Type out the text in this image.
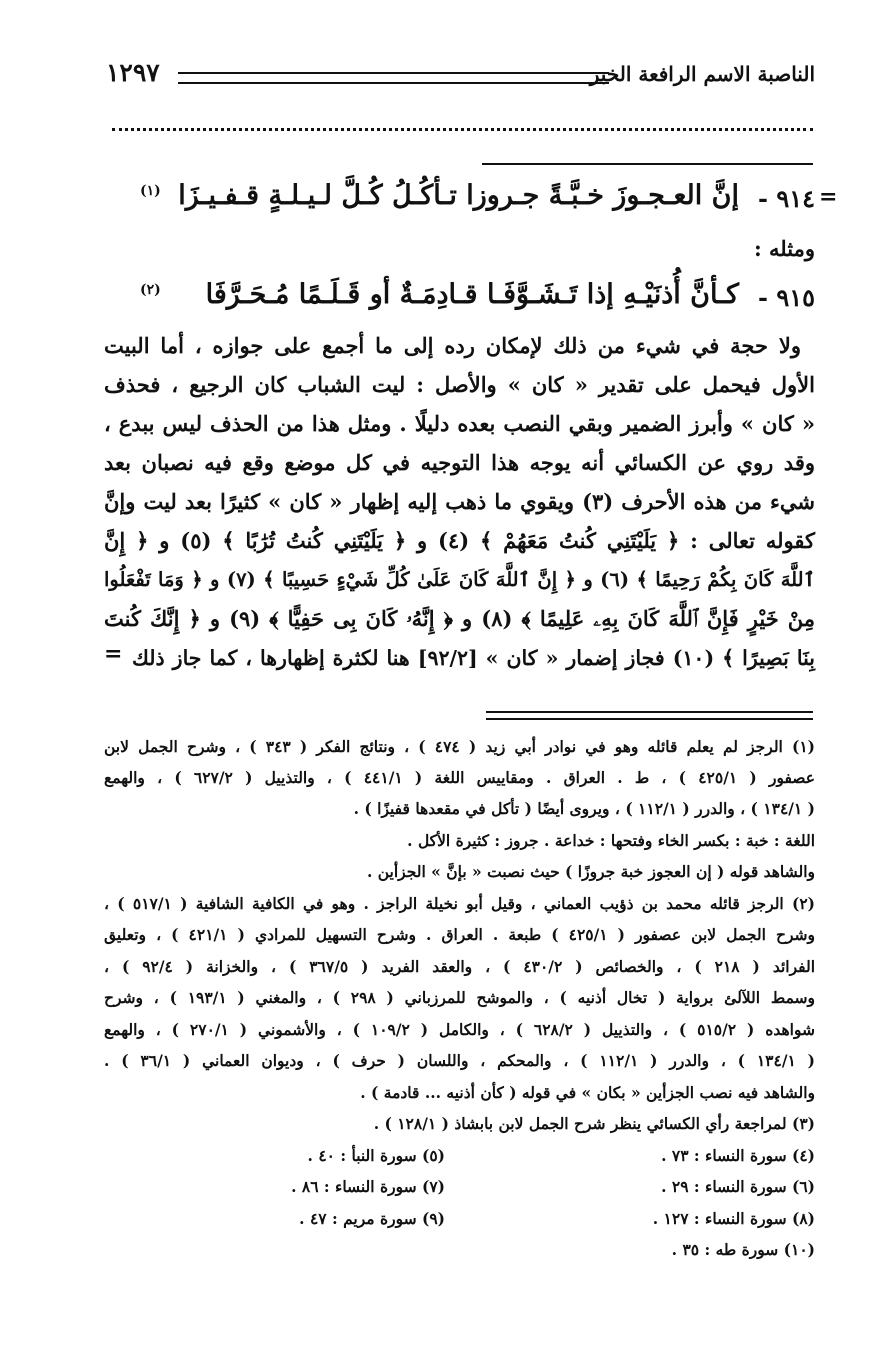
الناصبة الاسم الرافعة الخبر
١٢٩٧
=
٩١٤ -
إنَّ العـجـوزَ خـبَّـةً جـروزا تـأكُـلُ كُـلَّ لـيـلـةٍ قـفـيـزَا
(١)
ومثله :
٩١٥ -
كـأنَّ أُذنَيْـهِ إذا تَـشَـوَّفَـا قـادِمَـةٌ أو قَـلَـمًا مُـحَـرَّفَا
(٢)
ولا حجة في شيء من ذلك لإمكان رده إلى ما أجمع على جوازه ، أما البيت
الأول فيحمل على تقدير « كان » والأصل : ليت الشباب كان الرجيع ، فحذف
« كان » وأبرز الضمير وبقي النصب بعده دليلًا . ومثل هذا من الحذف ليس ببدع ،
وقد روي عن الكسائي أنه يوجه هذا التوجيه في كل موضع وقع فيه نصبان بعد
شيء من هذه الأحرف (٣) ويقوي ما ذهب إليه إظهار « كان » كثيرًا بعد ليت وإنَّ
كقوله تعالى : ﴿ يَلَيْتَنِي كُنتُ مَعَهُمْ ﴾ (٤) و ﴿ يَلَيْتَنِي كُنتُ تُرَٰبًا ﴾ (٥) و ﴿ إِنَّ
ٱللَّهَ كَانَ بِكُمْ رَحِيمًا ﴾ (٦) و ﴿ إِنَّ ٱللَّهَ كَانَ عَلَىٰ كُلِّ شَيْءٍ حَسِيبًا ﴾ (٧) و ﴿ وَمَا تَفْعَلُوا
مِنْ خَيْرٍ فَإِنَّ ٱللَّهَ كَانَ بِهِۦ عَلِيمًا ﴾ (٨) و ﴿ إِنَّهُۥ كَانَ بِى حَفِيًّا ﴾ (٩) و ﴿ إِنَّكَ كُنتَ
بِنَا بَصِيرًا ﴾ (١٠) فجاز إضمار « كان » [٩٢/٢] هنا لكثرة إظهارها ، كما جاز ذلك
=
(١) الرجز لم يعلم قائله وهو في نوادر أبي زيد ( ٤٧٤ ) ، ونتائج الفكر ( ٣٤٣ ) ، وشرح الجمل لابن
عصفور ( ٤٢٥/١ ) ، ط . العراق . ومقاييس اللغة ( ٤٤١/١ ) ، والتذييل ( ٦٢٧/٢ ) ، والهمع
( ١٣٤/١ ) ، والدرر ( ١١٢/١ ) ، ويروى أيضًا ( تأكل في مقعدها قفيزًا ) .
اللغة : خبة : بكسر الخاء وفتحها : خداعة . جروز : كثيرة الأكل .
والشاهد قوله ( إن العجوز خبة جروزًا ) حيث نصبت « بإنَّ » الجزأين .
(٢) الرجز قائله محمد بن ذؤيب العماني ، وقيل أبو نخيلة الراجز . وهو في الكافية الشافية ( ٥١٧/١ ) ،
وشرح الجمل لابن عصفور ( ٤٢٥/١ ) طبعة . العراق . وشرح التسهيل للمرادي ( ٤٢١/١ ) ، وتعليق
الفرائد ( ٢١٨ ) ، والخصائص ( ٤٣٠/٢ ) ، والعقد الفريد ( ٣٦٧/٥ ) ، والخزانة ( ٩٢/٤ ) ،
وسمط اللآلئ برواية ( تخال أذنيه ) ، والموشح للمرزباني ( ٢٩٨ ) ، والمغني ( ١٩٣/١ ) ، وشرح
شواهده ( ٥١٥/٢ ) ، والتذييل ( ٦٢٨/٢ ) ، والكامل ( ١٠٩/٢ ) ، والأشموني ( ٢٧٠/١ ) ، والهمع
( ١٣٤/١ ) ، والدرر ( ١١٢/١ ) ، والمحكم ، واللسان ( حرف ) ، وديوان العماني ( ٣٦/١ ) .
والشاهد فيه نصب الجزأين « بكان » في قوله ( كأن أذنيه ... قادمة ) .
(٣) لمراجعة رأي الكسائي ينظر شرح الجمل لابن بابشاذ ( ١٢٨/١ ) .
(٤) سورة النساء : ٧٣ .
(٥) سورة النبأ : ٤٠ .
(٦) سورة النساء : ٢٩ .
(٧) سورة النساء : ٨٦ .
(٨) سورة النساء : ١٢٧ .
(٩) سورة مريم : ٤٧ .
(١٠) سورة طه : ٣٥ .
